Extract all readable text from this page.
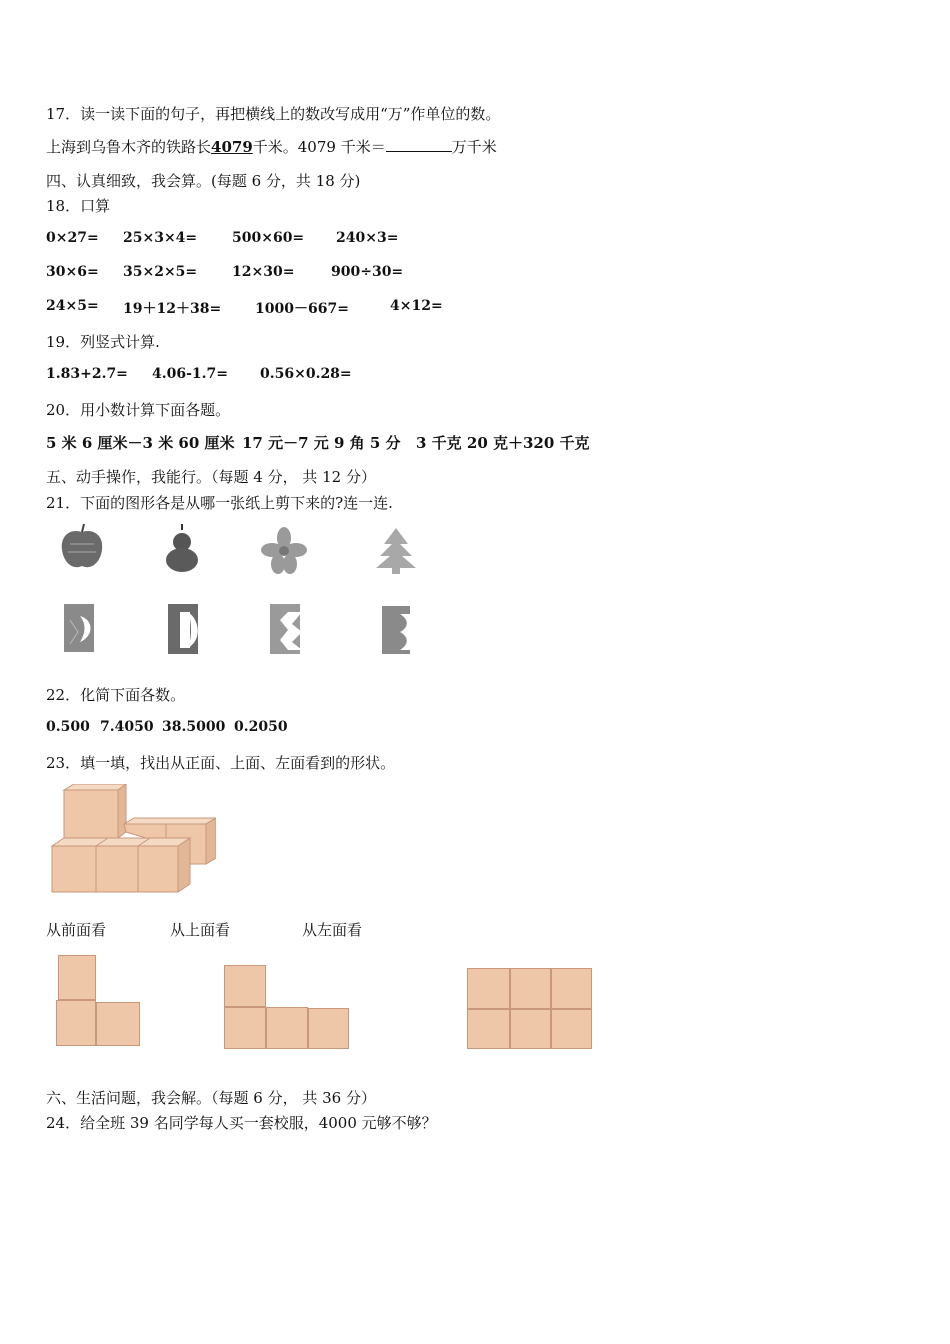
17．读一读下面的句子，再把横线上的数改写成用“万”作单位的数。
上海到乌鲁木齐的铁路长4079千米。4079 千米＝	万千米
四、认真细致，我会算。(每题 6 分，共 18 分)
18．口算
0×27= 25×3×4= 500×60= 240×3=
30×6= 35×2×5= 12×30=	900÷30=
24×5= 19＋12＋38= 1000－667=	4×12=
19．列竖式计算.
1.83+2.7= 4.06-1.7= 0.56×0.28=
20．用小数计算下面各题。
5 米 6 厘米－3 米 60 厘米 17 元－7 元 9 角 5 分 3 千克 20 克＋320 千克
五、动手操作，我能行。（每题 4 分， 共 12 分）
21．下面的图形各是从哪一张纸上剪下来的?连一连.
22．化简下面各数。
0.500 7.4050 38.5000 0.2050
23．填一填，找出从正面、上面、左面看到的形状。
从前面看	从上面看	从左面看
六、生活问题，我会解。（每题 6 分， 共 36 分）
24．给全班 39 名同学每人买一套校服，4000 元够不够？
